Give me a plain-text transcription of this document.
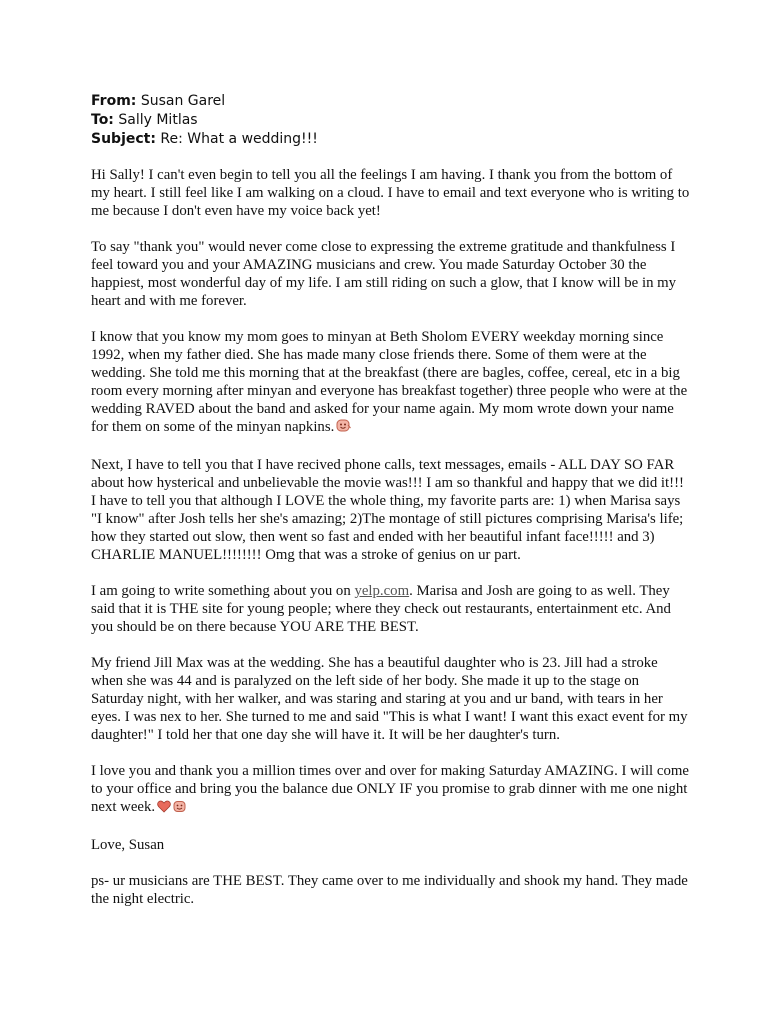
From: Susan Garel
To: Sally Mitlas
Subject: Re: What a wedding!!!

Hi Sally! I can't even begin to tell you all the feelings I am having. I thank you from the bottom of my heart. I still feel like I am walking on a cloud. I have to email and text everyone who is writing to me because I don't even have my voice back yet!

To say "thank you" would never come close to expressing the extreme gratitude and thankfulness I feel toward you and your AMAZING musicians and crew. You made Saturday October 30 the happiest, most wonderful day of my life. I am still riding on such a glow, that I know will be in my heart and with me forever.

I know that you know my mom goes to minyan at Beth Sholom EVERY weekday morning since 1992, when my father died. She has made many close friends there. Some of them were at the wedding. She told me this morning that at the breakfast (there are bagles, coffee, cereal, etc in a big room every morning after minyan and everyone has breakfast together) three people who were at the wedding RAVED about the band and asked for your name again. My mom wrote down your name for them on some of the minyan napkins.

Next, I have to tell you that I have recived phone calls, text messages, emails - ALL DAY SO FAR about how hysterical and unbelievable the movie was!!! I am so thankful and happy that we did it!!! I have to tell you that although I LOVE the whole thing, my favorite parts are: 1) when Marisa says "I know" after Josh tells her she's amazing; 2)The montage of still pictures comprising Marisa's life; how they started out slow, then went so fast and ended with her beautiful infant face!!!!! and 3) CHARLIE MANUEL!!!!!!!! Omg that was a stroke of genius on ur part.

I am going to write something about you on yelp.com. Marisa and Josh are going to as well. They said that it is THE site for young people; where they check out restaurants, entertainment etc. And you should be on there because YOU ARE THE BEST.

My friend Jill Max was at the wedding. She has a beautiful daughter who is 23. Jill had a stroke when she was 44 and is paralyzed on the left side of her body. She made it up to the stage on Saturday night, with her walker, and was staring and staring at you and ur band, with tears in her eyes. I was nex to her. She turned to me and said "This is what I want! I want this exact event for my daughter!" I told her that one day she will have it. It will be her daughter's turn.

I love you and thank you a million times over and over for making Saturday AMAZING. I will come to your office and bring you the balance due ONLY IF you promise to grab dinner with me one night next week.

Love, Susan

ps- ur musicians are THE BEST. They came over to me individually and shook my hand. They made the night electric.
